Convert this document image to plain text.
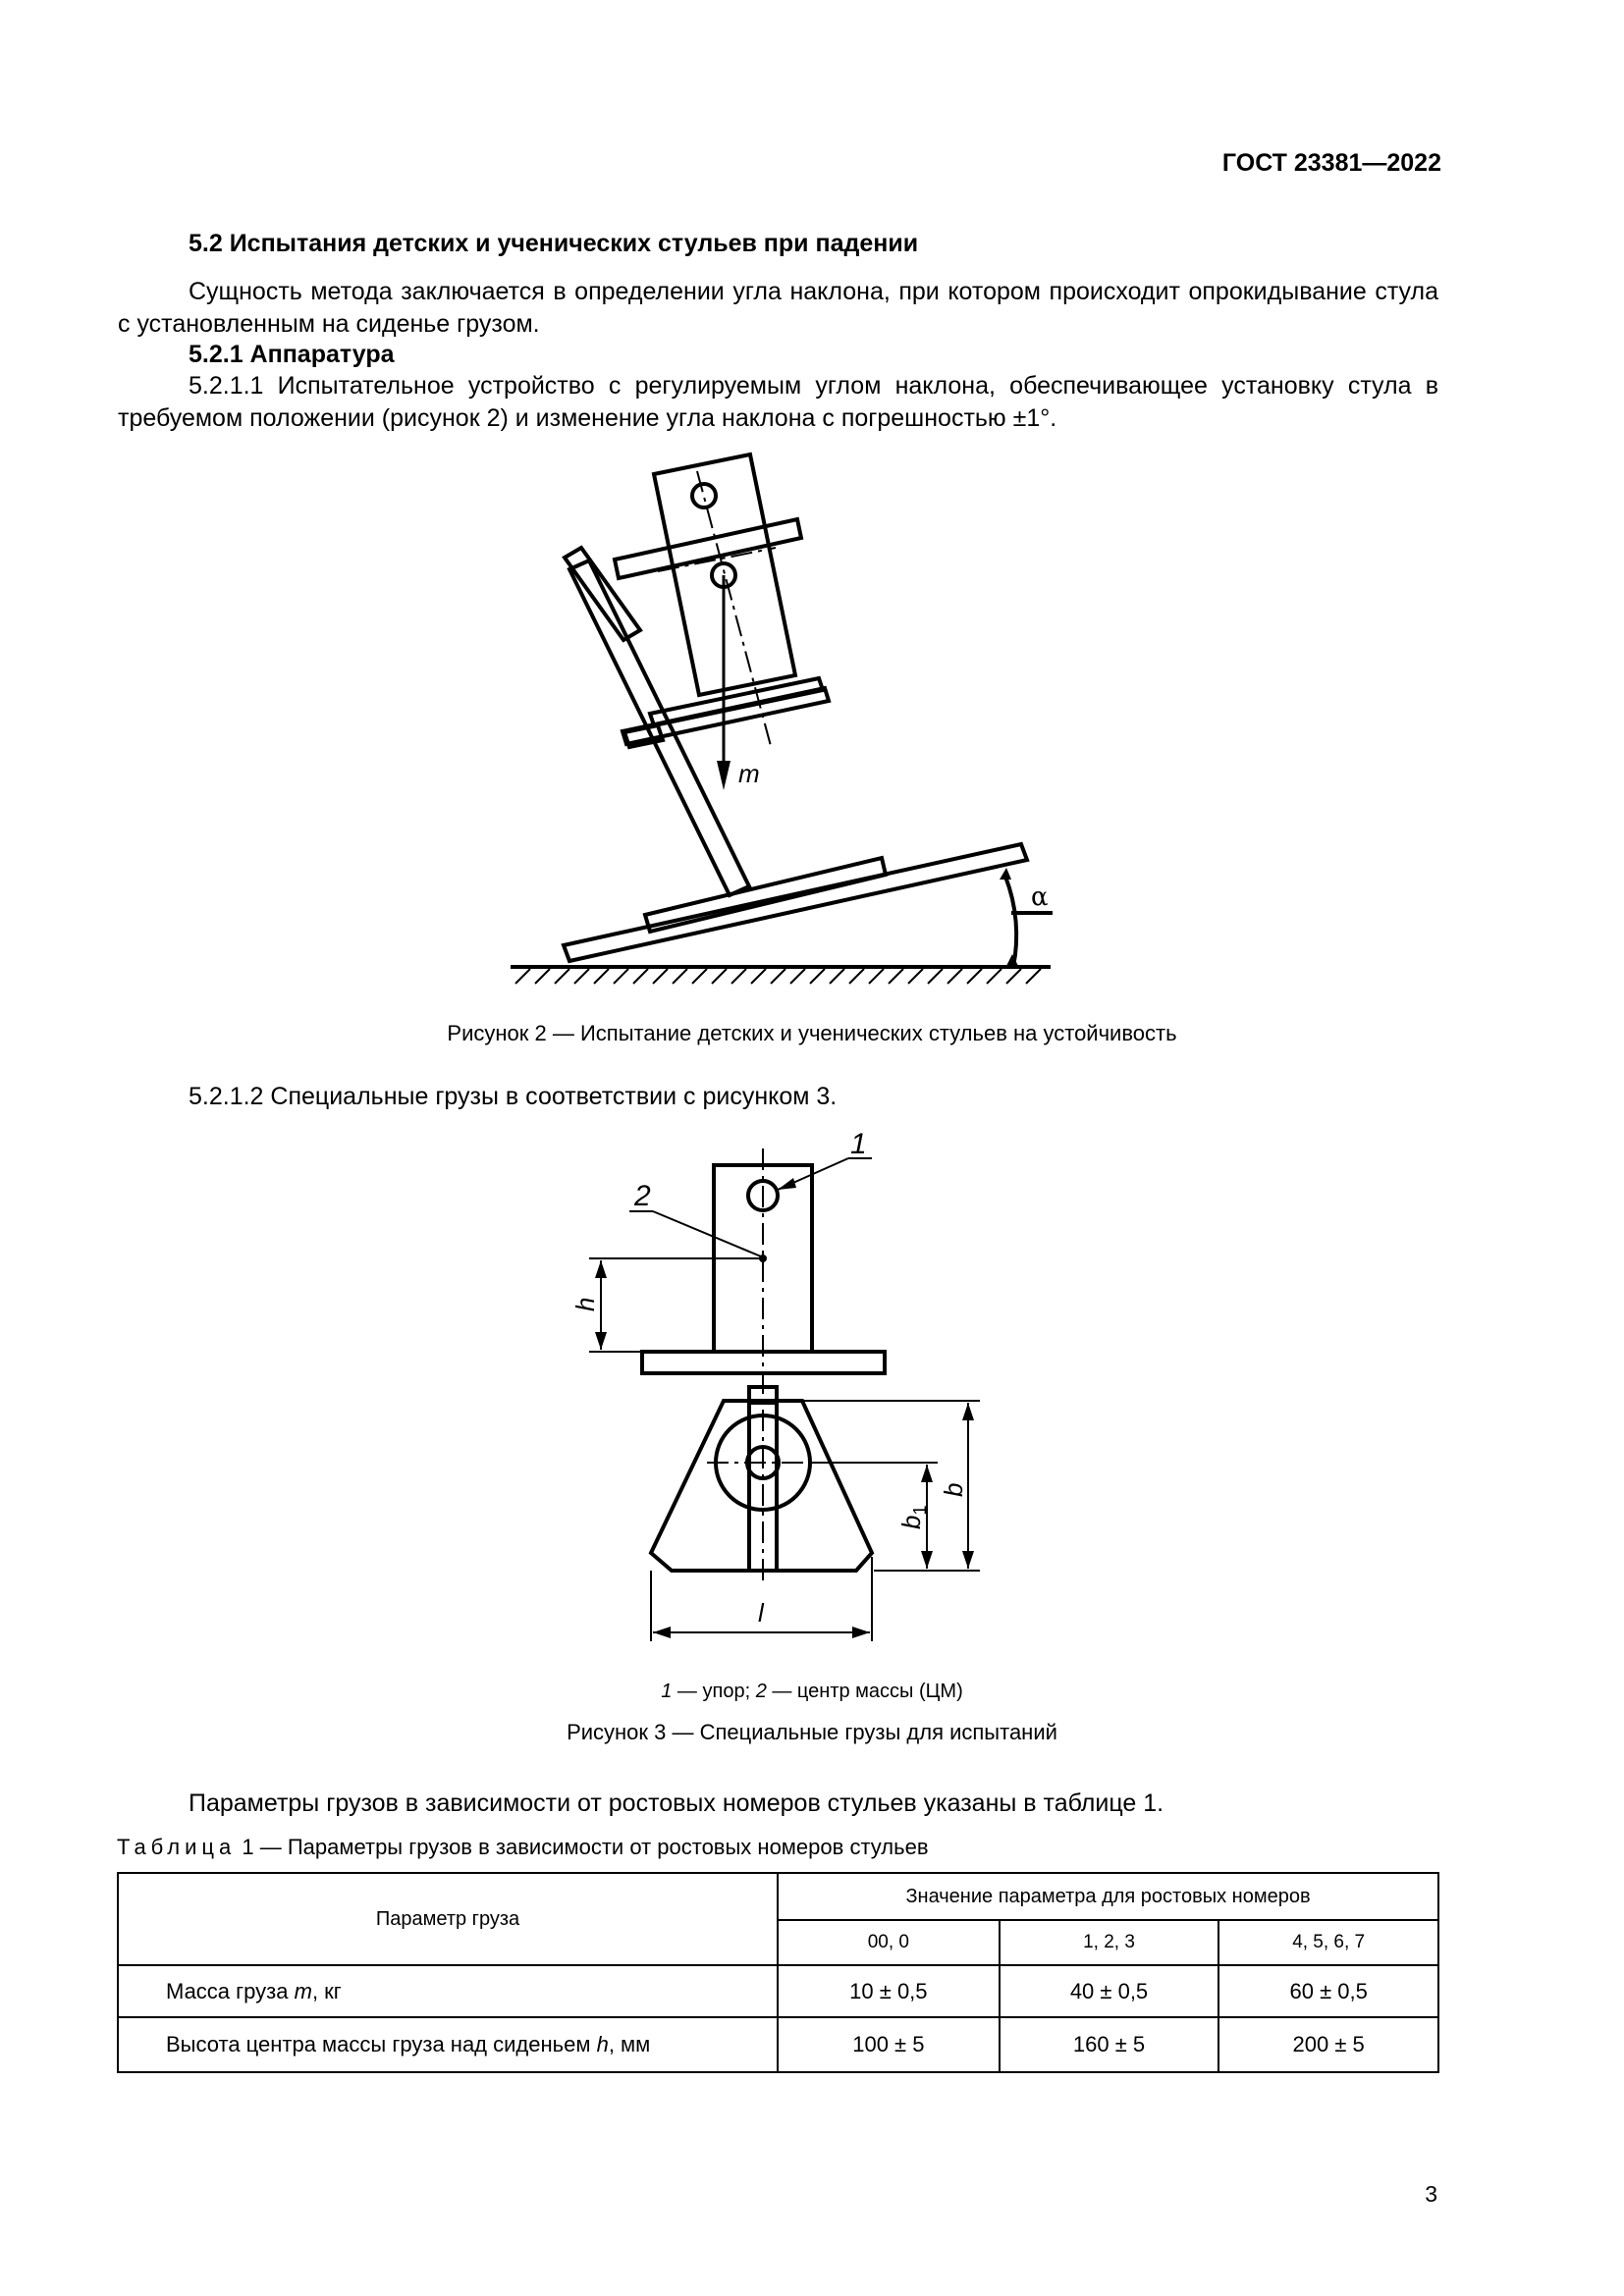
ГОСТ 23381—2022
5.2 Испытания детских и ученических стульев при падении
Сущность метода заключается в определении угла наклона, при котором происходит опрокидывание стула с установленным на сиденье грузом.
5.2.1 Аппаратура
5.2.1.1 Испытательное устройство с регулируемым углом наклона, обеспечивающее установку стула в требуемом положении (рисунок 2) и изменение угла наклона с погрешностью ±1°.
m
α
Рисунок 2 — Испытание детских и ученических стульев на устойчивость
5.2.1.2 Специальные грузы в соответствии с рисунком 3.
1
2
h
b
$b_1$
l
1 — упор; 2 — центр массы (ЦМ)
Рисунок 3 — Специальные грузы для испытаний
Параметры грузов в зависимости от ростовых номеров стульев указаны в таблице 1.
Таблица 1 — Параметры грузов в зависимости от ростовых номеров стульев
Параметр груза	Значение параметра для ростовых номеров		
	00, 0	1, 2, 3	4, 5, 6, 7
Масса груза m, кг	10 ± 0,5	40 ± 0,5	60 ± 0,5
Высота центра массы груза над сиденьем h, мм	100 ± 5	160 ± 5	200 ± 5
3
